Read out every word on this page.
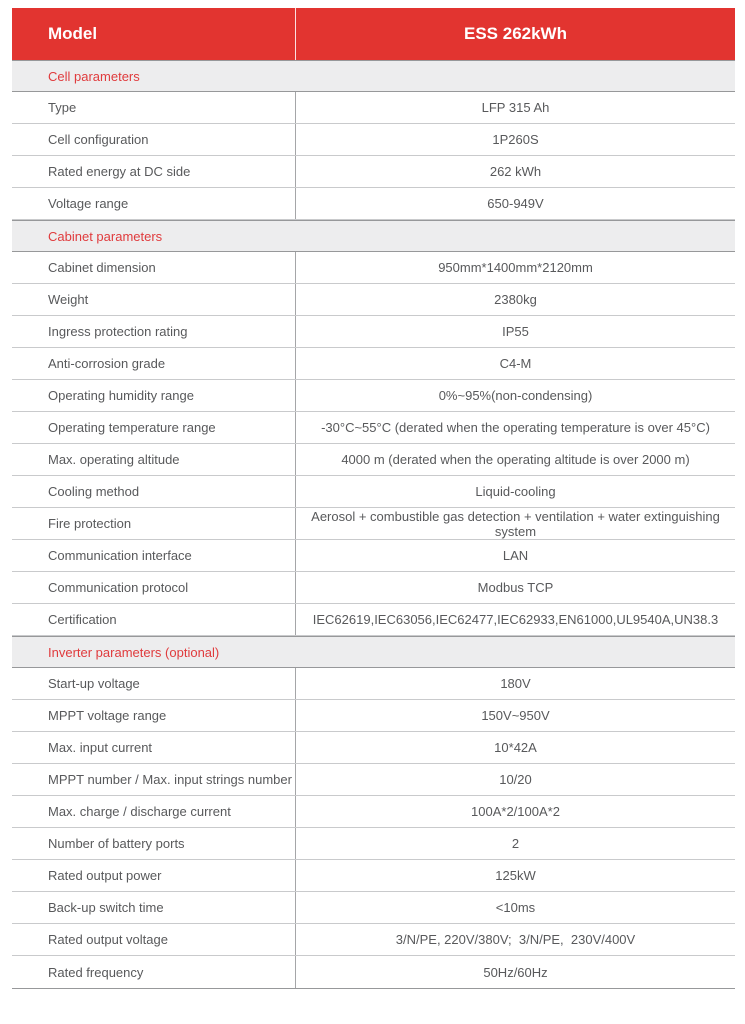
Model	ESS 262kWh
Cell parameters
Type	LFP 315 Ah
Cell configuration	1P260S
Rated energy at DC side	262 kWh
Voltage range	650-949V
Cabinet parameters
Cabinet dimension	950mm*1400mm*2120mm
Weight	2380kg
Ingress protection rating	IP55
Anti-corrosion grade	C4-M
Operating humidity range	0%~95%(non-condensing)
Operating temperature range	-30°C~55°C (derated when the operating temperature is over 45°C)
Max. operating altitude	4000 m (derated when the operating altitude is over 2000 m)
Cooling method	Liquid-cooling
Fire protection	Aerosol + combustible gas detection + ventilation + water extinguishing system
Communication interface	LAN
Communication protocol	Modbus TCP
Certification	IEC62619,IEC63056,IEC62477,IEC62933,EN61000,UL9540A,UN38.3
Inverter parameters (optional)
Start-up voltage	180V
MPPT voltage range	150V~950V
Max. input current	10*42A
MPPT number / Max. input strings number	10/20
Max. charge / discharge current	100A*2/100A*2
Number of battery ports	2
Rated output power	125kW
Back-up switch time	<10ms
Rated output voltage	3/N/PE, 220V/380V;  3/N/PE,  230V/400V
Rated frequency	50Hz/60Hz
